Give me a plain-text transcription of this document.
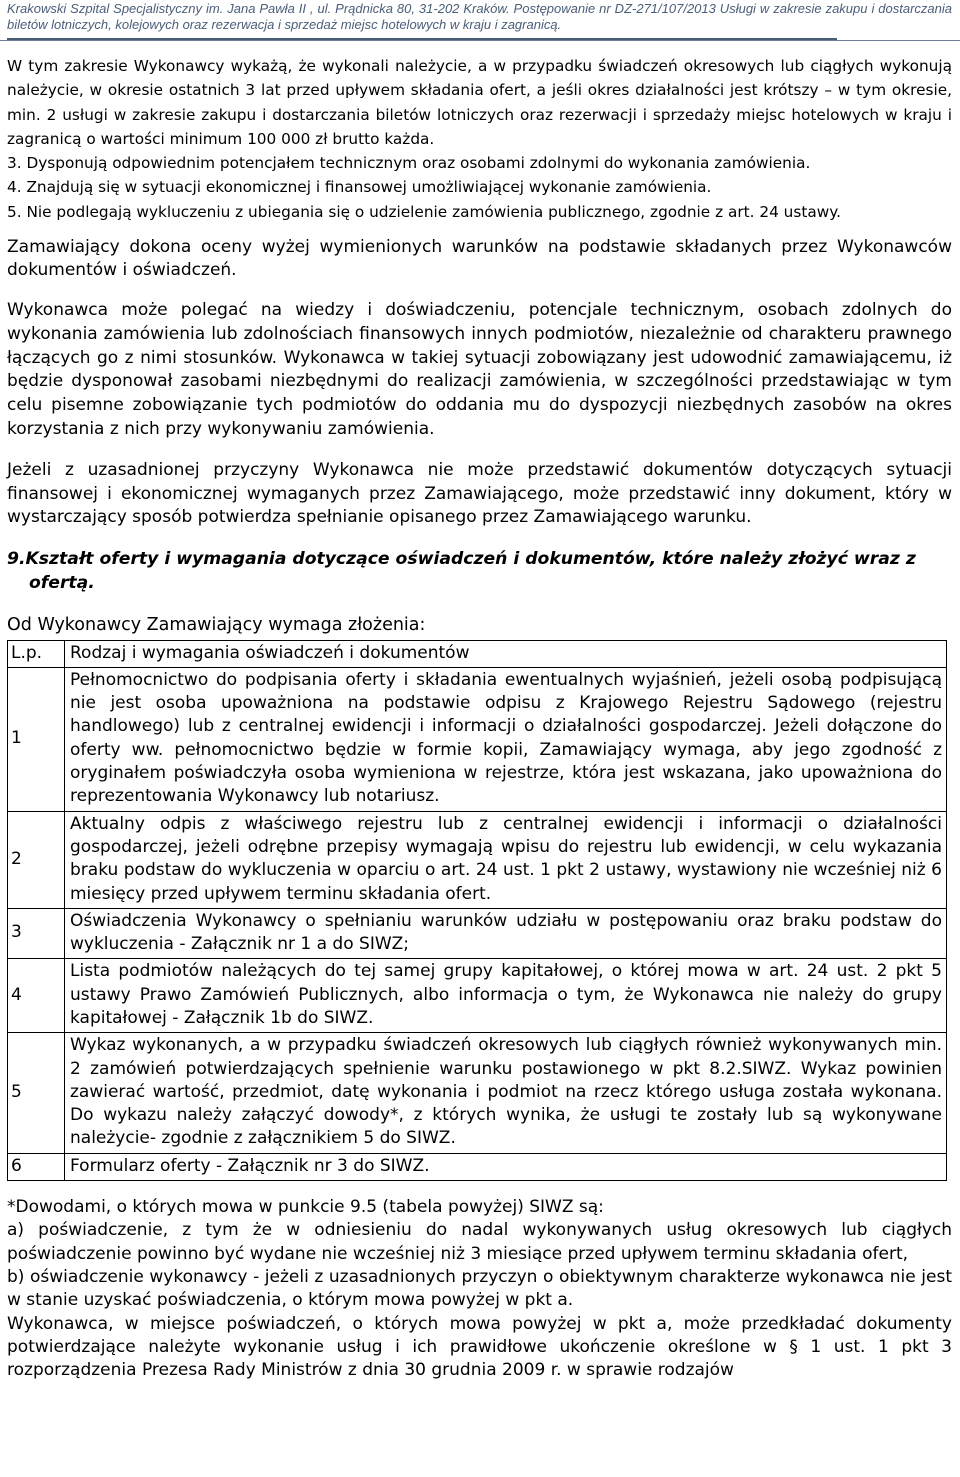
Krakowski Szpital Specjalistyczny im. Jana Pawła II , ul. Prądnicka 80, 31-202 Kraków. Postępowanie nr DZ-271/107/2013 Usługi w zakresie zakupu i dostarczania biletów lotniczych, kolejowych oraz rezerwacja i sprzedaż miejsc hotelowych w kraju i zagranicą.

W tym zakresie Wykonawcy wykażą, że wykonali należycie, a w przypadku świadczeń okresowych lub ciągłych wykonują należycie, w okresie ostatnich 3 lat przed upływem składania ofert, a jeśli okres działalności jest krótszy – w tym okresie, min. 2 usługi w zakresie zakupu i dostarczania biletów lotniczych oraz rezerwacji i sprzedaży miejsc hotelowych w kraju i zagranicą o wartości minimum 100 000 zł brutto każda.

3. Dysponują odpowiednim potencjałem technicznym oraz osobami zdolnymi do wykonania zamówienia.

4. Znajdują się w sytuacji ekonomicznej i finansowej umożliwiającej wykonanie zamówienia.

5. Nie podlegają wykluczeniu z ubiegania się o udzielenie zamówienia publicznego, zgodnie z art. 24 ustawy.

Zamawiający dokona oceny wyżej wymienionych warunków na podstawie składanych przez Wykonawców dokumentów i oświadczeń.

Wykonawca może polegać na wiedzy i doświadczeniu, potencjale technicznym, osobach zdolnych do wykonania zamówienia lub zdolnościach finansowych innych podmiotów, niezależnie od charakteru prawnego łączących go z nimi stosunków. Wykonawca w takiej sytuacji zobowiązany jest udowodnić zamawiającemu, iż będzie dysponował zasobami niezbędnymi do realizacji zamówienia, w szczególności przedstawiając w tym celu pisemne zobowiązanie tych podmiotów do oddania mu do dyspozycji niezbędnych zasobów na okres korzystania z nich przy wykonywaniu zamówienia.

Jeżeli z uzasadnionej przyczyny Wykonawca nie może przedstawić dokumentów dotyczących sytuacji finansowej i ekonomicznej wymaganych przez Zamawiającego, może przedstawić inny dokument, który w wystarczający sposób potwierdza spełnianie opisanego przez Zamawiającego warunku.

9.Kształt oferty i wymagania dotyczące oświadczeń i dokumentów, które należy złożyć wraz z ofertą.

Od Wykonawcy Zamawiający wymaga złożenia:

L.p.	Rodzaj i wymagania oświadczeń i dokumentów
1	Pełnomocnictwo do podpisania oferty i składania ewentualnych wyjaśnień, jeżeli osobą podpisującą nie jest osoba upoważniona na podstawie odpisu z Krajowego Rejestru Sądowego (rejestru handlowego) lub z centralnej ewidencji i informacji o działalności gospodarczej. Jeżeli dołączone do oferty ww. pełnomocnictwo będzie w formie kopii, Zamawiający wymaga, aby jego zgodność z oryginałem poświadczyła osoba wymieniona w rejestrze, która jest wskazana, jako upoważniona do reprezentowania Wykonawcy lub notariusz.
2	Aktualny odpis z właściwego rejestru lub z centralnej ewidencji i informacji o działalności gospodarczej, jeżeli odrębne przepisy wymagają wpisu do rejestru lub ewidencji, w celu wykazania braku podstaw do wykluczenia w oparciu o art. 24 ust. 1 pkt 2 ustawy, wystawiony nie wcześniej niż 6 miesięcy przed upływem terminu składania ofert.
3	Oświadczenia Wykonawcy o spełnianiu warunków udziału w postępowaniu oraz braku podstaw do wykluczenia - Załącznik nr 1 a do SIWZ;
4	Lista podmiotów należących do tej samej grupy kapitałowej, o której mowa w art. 24 ust. 2 pkt 5 ustawy Prawo Zamówień Publicznych, albo informacja o tym, że Wykonawca nie należy do grupy kapitałowej - Załącznik 1b do SIWZ.
5	Wykaz wykonanych, a w przypadku świadczeń okresowych lub ciągłych również wykonywanych min. 2 zamówień potwierdzających spełnienie warunku postawionego w pkt 8.2.SIWZ. Wykaz powinien zawierać wartość, przedmiot, datę wykonania i podmiot na rzecz którego usługa została wykonana. Do wykazu należy załączyć dowody*, z których wynika, że usługi te zostały lub są wykonywane należycie- zgodnie z załącznikiem 5 do SIWZ.
6	Formularz oferty - Załącznik nr 3 do SIWZ.

*Dowodami, o których mowa w punkcie 9.5 (tabela powyżej) SIWZ są:

a) poświadczenie, z tym że w odniesieniu do nadal wykonywanych usług okresowych lub ciągłych poświadczenie powinno być wydane nie wcześniej niż 3 miesiące przed upływem terminu składania ofert,

b) oświadczenie wykonawcy - jeżeli z uzasadnionych przyczyn o obiektywnym charakterze wykonawca nie jest w stanie uzyskać poświadczenia, o którym mowa powyżej w pkt a.

Wykonawca, w miejsce poświadczeń, o których mowa powyżej w pkt a, może przedkładać dokumenty potwierdzające należyte wykonanie usług i ich prawidłowe ukończenie określone w § 1 ust. 1 pkt 3 rozporządzenia Prezesa Rady Ministrów z dnia 30 grudnia 2009 r. w sprawie rodzajów
